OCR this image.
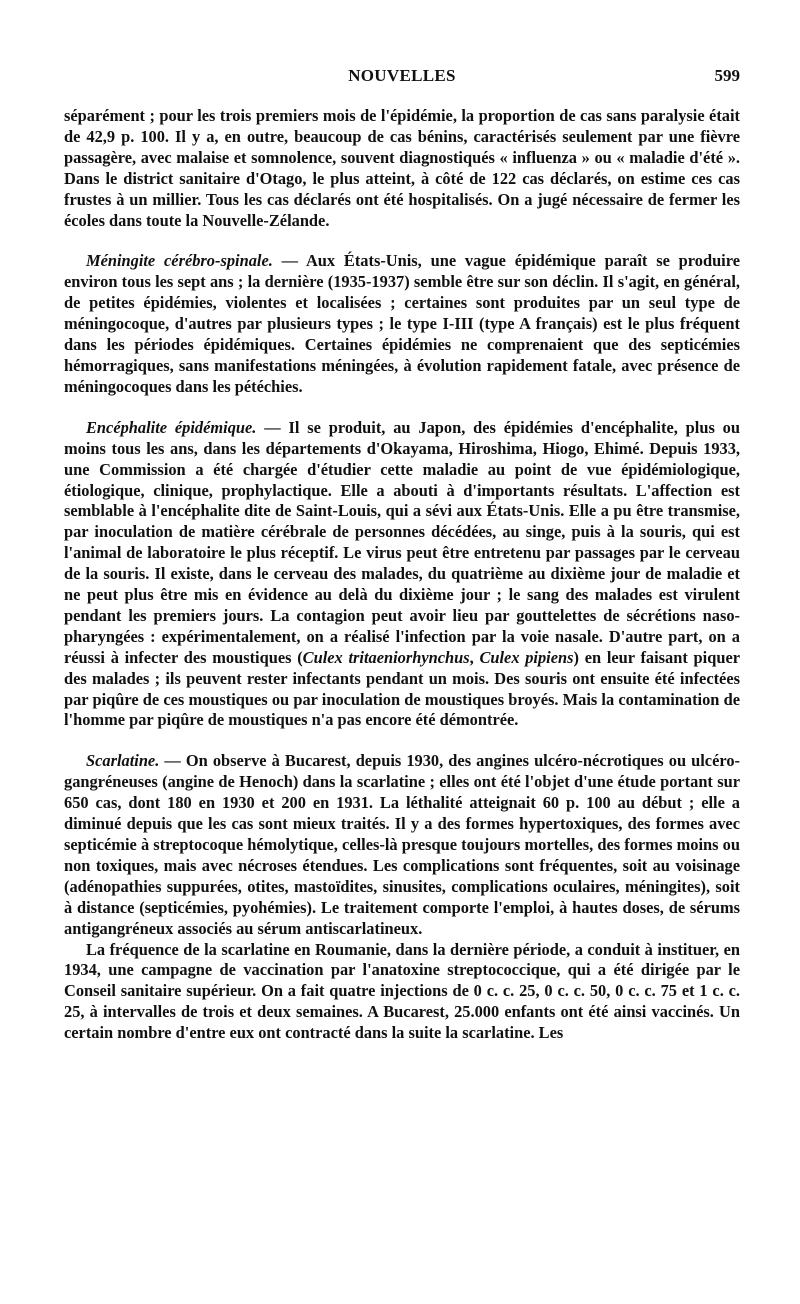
NOUVELLES	599

séparément ; pour les trois premiers mois de l'épidémie, la proportion de cas sans paralysie était de 42,9 p. 100. Il y a, en outre, beaucoup de cas bénins, caractérisés seulement par une fièvre passagère, avec malaise et somnolence, souvent diagnostiqués « influenza » ou « maladie d'été ». Dans le district sanitaire d'Otago, le plus atteint, à côté de 122 cas déclarés, on estime ces cas frustes à un millier. Tous les cas déclarés ont été hospitalisés. On a jugé nécessaire de fermer les écoles dans toute la Nouvelle-Zélande.

Méningite cérébro-spinale. — Aux États-Unis, une vague épidémique paraît se produire environ tous les sept ans ; la dernière (1935-1937) semble être sur son déclin. Il s'agit, en général, de petites épidémies, violentes et localisées ; certaines sont produites par un seul type de méningocoque, d'autres par plusieurs types ; le type I-III (type A français) est le plus fréquent dans les périodes épidémiques. Certaines épidémies ne comprenaient que des septicémies hémorragiques, sans manifestations méningées, à évolution rapidement fatale, avec présence de méningocoques dans les pétéchies.

Encéphalite épidémique. — Il se produit, au Japon, des épidémies d'encéphalite, plus ou moins tous les ans, dans les départements d'Okayama, Hiroshima, Hiogo, Ehimé. Depuis 1933, une Commission a été chargée d'étudier cette maladie au point de vue épidémiologique, étiologique, clinique, prophylactique. Elle a abouti à d'importants résultats. L'affection est semblable à l'encéphalite dite de Saint-Louis, qui a sévi aux États-Unis. Elle a pu être transmise, par inoculation de matière cérébrale de personnes décédées, au singe, puis à la souris, qui est l'animal de laboratoire le plus réceptif. Le virus peut être entretenu par passages par le cerveau de la souris. Il existe, dans le cerveau des malades, du quatrième au dixième jour de maladie et ne peut plus être mis en évidence au delà du dixième jour ; le sang des malades est virulent pendant les premiers jours. La contagion peut avoir lieu par gouttelettes de sécrétions naso-pharyngées : expérimentalement, on a réalisé l'infection par la voie nasale. D'autre part, on a réussi à infecter des moustiques (Culex tritaeniorhynchus, Culex pipiens) en leur faisant piquer des malades ; ils peuvent rester infectants pendant un mois. Des souris ont ensuite été infectées par piqûre de ces moustiques ou par inoculation de moustiques broyés. Mais la contamination de l'homme par piqûre de moustiques n'a pas encore été démontrée.

Scarlatine. — On observe à Bucarest, depuis 1930, des angines ulcéro-nécrotiques ou ulcéro-gangréneuses (angine de Henoch) dans la scarlatine ; elles ont été l'objet d'une étude portant sur 650 cas, dont 180 en 1930 et 200 en 1931. La léthalité atteignait 60 p. 100 au début ; elle a diminué depuis que les cas sont mieux traités. Il y a des formes hypertoxiques, des formes avec septicémie à streptocoque hémolytique, celles-là presque toujours mortelles, des formes moins ou non toxiques, mais avec nécroses étendues. Les complications sont fréquentes, soit au voisinage (adénopathies suppurées, otites, mastoïdites, sinusites, complications oculaires, méningites), soit à distance (septicémies, pyohémies). Le traitement comporte l'emploi, à hautes doses, de sérums antigangréneux associés au sérum antiscarlatineux.

La fréquence de la scarlatine en Roumanie, dans la dernière période, a conduit à instituer, en 1934, une campagne de vaccination par l'anatoxine streptococcique, qui a été dirigée par le Conseil sanitaire supérieur. On a fait quatre injections de 0 c. c. 25, 0 c. c. 50, 0 c. c. 75 et 1 c. c. 25, à intervalles de trois et deux semaines. A Bucarest, 25.000 enfants ont été ainsi vaccinés. Un certain nombre d'entre eux ont contracté dans la suite la scarlatine. Les
